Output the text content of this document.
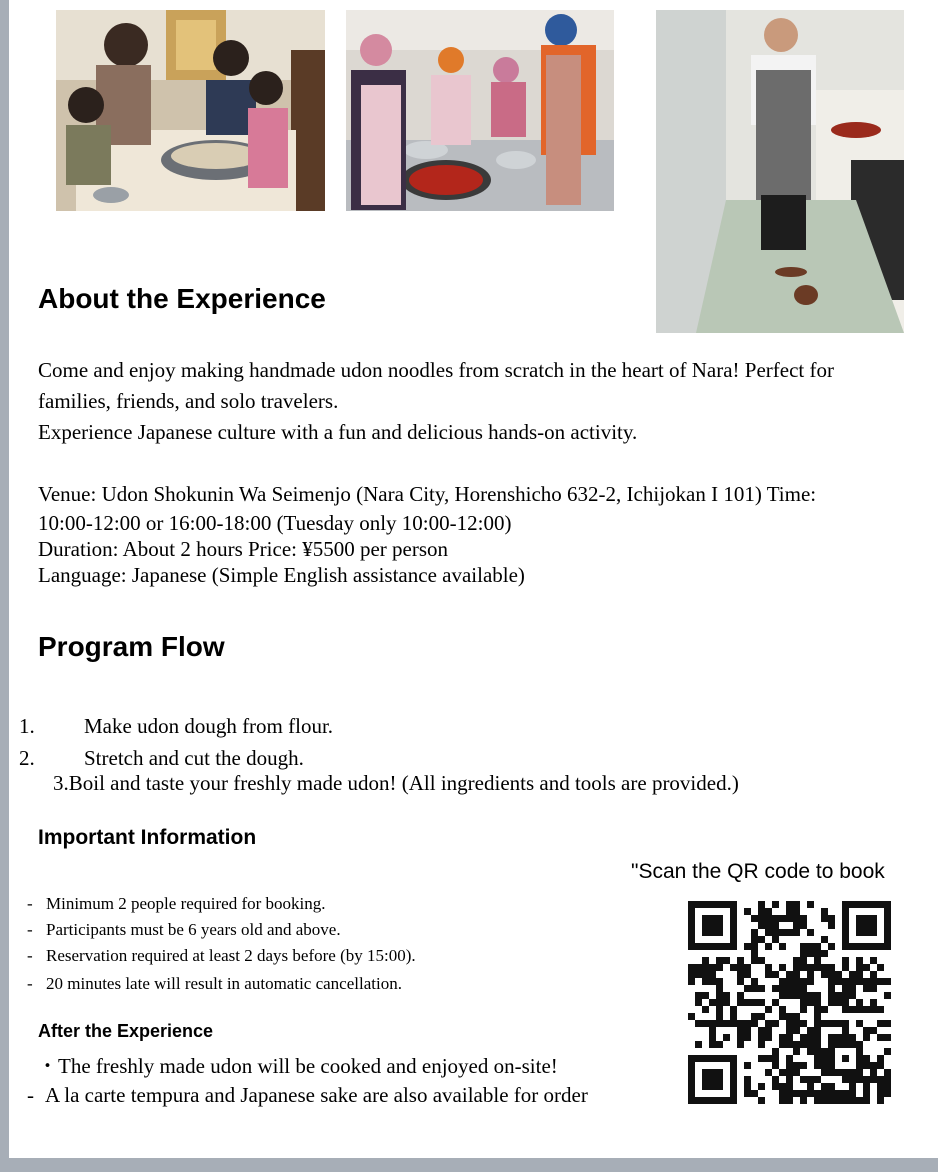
About the Experience
Come and enjoy making handmade udon noodles from scratch in the heart of Nara! Perfect for
families, friends, and solo travelers.
Experience Japanese culture with a fun and delicious hands-on activity.
Venue: Udon Shokunin Wa Seimenjo (Nara City, Horenshicho 632-2, Ichijokan I 101) Time:
10:00-12:00 or 16:00-18:00 (Tuesday only 10:00-12:00)
Duration: About 2 hours Price: ¥5500 per person
Language: Japanese (Simple English assistance available)
Program Flow
1. Make udon dough from flour.
2. Stretch and cut the dough.
3.Boil and taste your freshly made udon! (All ingredients and tools are provided.)
Important Information
- Minimum 2 people required for booking.
- Participants must be 6 years old and above.
- Reservation required at least 2 days before (by 15:00).
- 20 minutes late will result in automatic cancellation.
After the Experience
・The freshly made udon will be cooked and enjoyed on-site!
- A la carte tempura and Japanese sake are also available for order
"Scan the QR code to book
